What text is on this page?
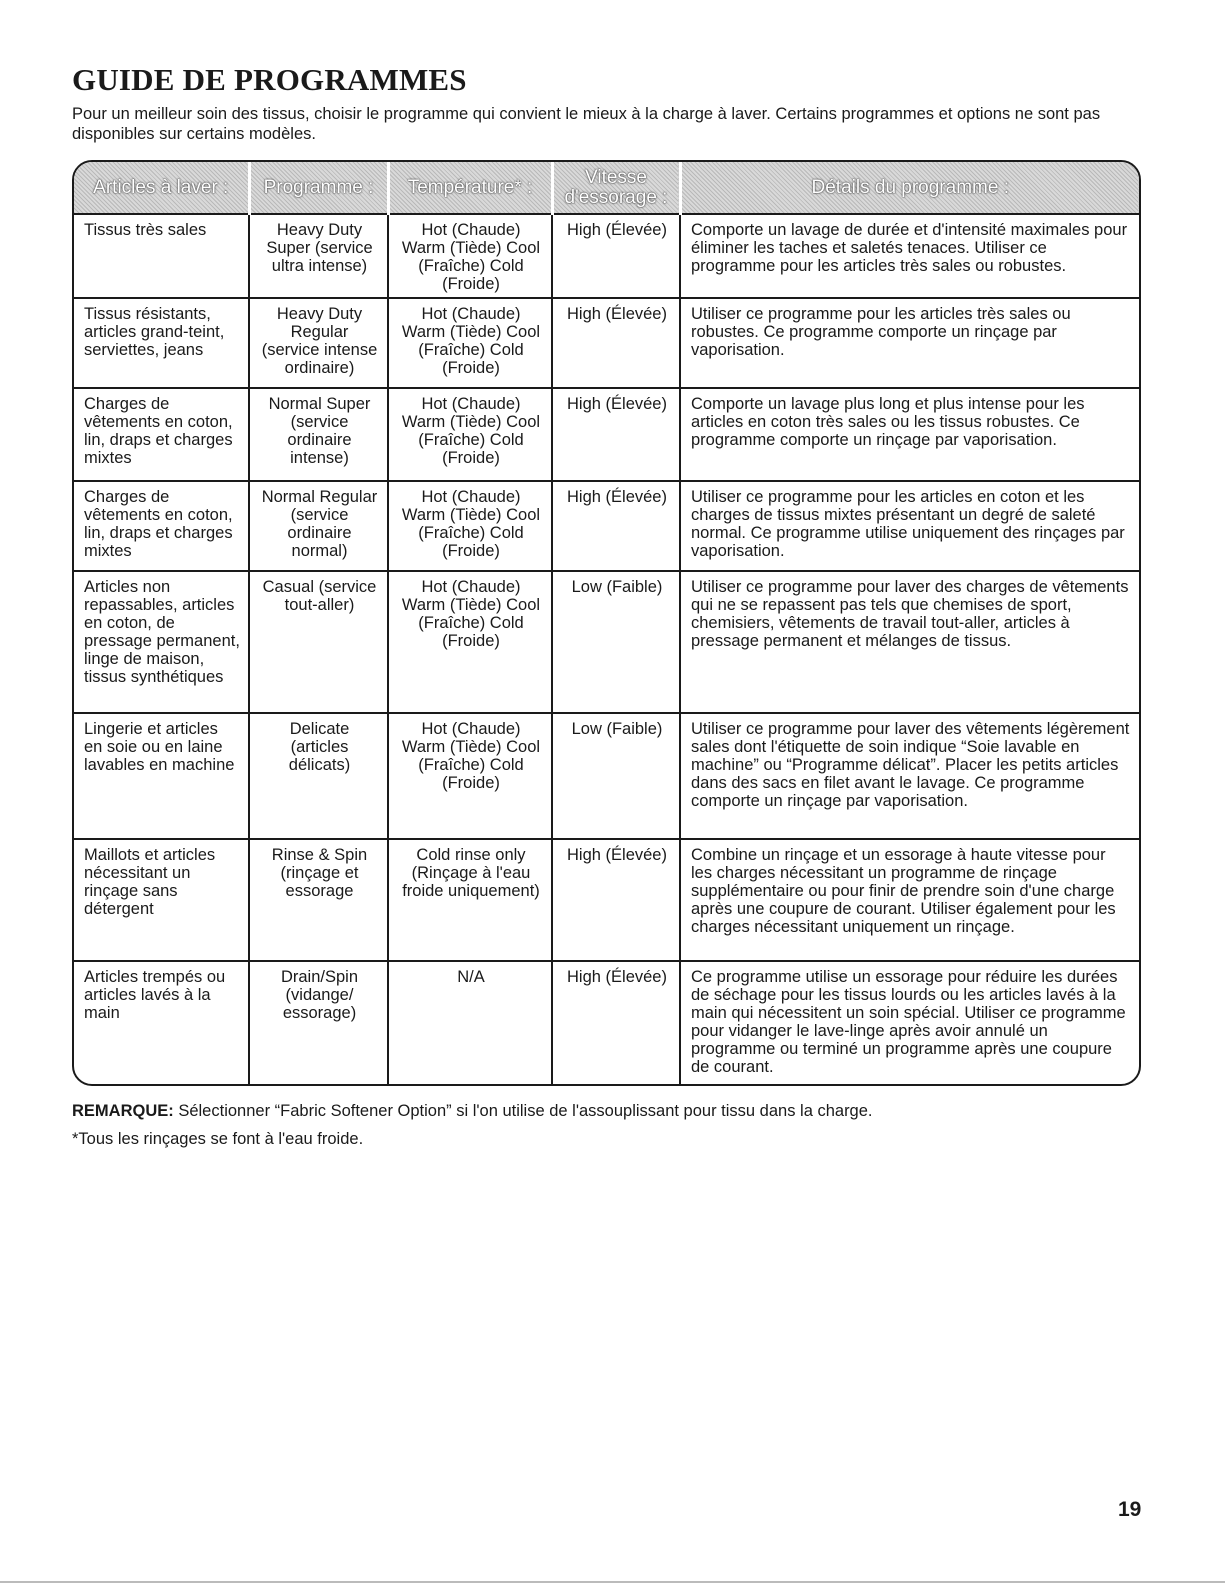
GUIDE DE PROGRAMMES

Pour un meilleur soin des tissus, choisir le programme qui convient le mieux à la charge à laver. Certains programmes et options ne sont pas disponibles sur certains modèles.

Articles à laver :	Programme :	Température* :	Vitesse d'essorage :	Détails du programme :
Tissus très sales	Heavy Duty Super (service ultra intense)	Hot (Chaude) Warm (Tiède) Cool (Fraîche) Cold (Froide)	High (Élevée)	Comporte un lavage de durée et d'intensité maximales pour éliminer les taches et saletés tenaces. Utiliser ce programme pour les articles très sales ou robustes.
Tissus résistants, articles grand-teint, serviettes, jeans	Heavy Duty Regular (service intense ordinaire)	Hot (Chaude) Warm (Tiède) Cool (Fraîche) Cold (Froide)	High (Élevée)	Utiliser ce programme pour les articles très sales ou robustes. Ce programme comporte un rinçage par vaporisation.
Charges de vêtements en coton, lin, draps et charges mixtes	Normal Super (service ordinaire intense)	Hot (Chaude) Warm (Tiède) Cool (Fraîche) Cold (Froide)	High (Élevée)	Comporte un lavage plus long et plus intense pour les articles en coton très sales ou les tissus robustes. Ce programme comporte un rinçage par vaporisation.
Charges de vêtements en coton, lin, draps et charges mixtes	Normal Regular (service ordinaire normal)	Hot (Chaude) Warm (Tiède) Cool (Fraîche) Cold (Froide)	High (Élevée)	Utiliser ce programme pour les articles en coton et les charges de tissus mixtes présentant un degré de saleté normal. Ce programme utilise uniquement des rinçages par vaporisation.
Articles non repassables, articles en coton, de pressage permanent, linge de maison, tissus synthétiques	Casual (service tout-aller)	Hot (Chaude) Warm (Tiède) Cool (Fraîche) Cold (Froide)	Low (Faible)	Utiliser ce programme pour laver des charges de vêtements qui ne se repassent pas tels que chemises de sport, chemisiers, vêtements de travail tout-aller, articles à pressage permanent et mélanges de tissus.
Lingerie et articles en soie ou en laine lavables en machine	Delicate (articles délicats)	Hot (Chaude) Warm (Tiède) Cool (Fraîche) Cold (Froide)	Low (Faible)	Utiliser ce programme pour laver des vêtements légèrement sales dont l'étiquette de soin indique “Soie lavable en machine” ou “Programme délicat”. Placer les petits articles dans des sacs en filet avant le lavage. Ce programme comporte un rinçage par vaporisation.
Maillots et articles nécessitant un rinçage sans détergent	Rinse & Spin (rinçage et essorage	Cold rinse only (Rinçage à l'eau froide uniquement)	High (Élevée)	Combine un rinçage et un essorage à haute vitesse pour les charges nécessitant un programme de rinçage supplémentaire ou pour finir de prendre soin d'une charge après une coupure de courant. Utiliser également pour les charges nécessitant uniquement un rinçage.
Articles trempés ou articles lavés à la main	Drain/Spin (vidange/ essorage)	N/A	High (Élevée)	Ce programme utilise un essorage pour réduire les durées de séchage pour les tissus lourds ou les articles lavés à la main qui nécessitent un soin spécial. Utiliser ce programme pour vidanger le lave-linge après avoir annulé un programme ou terminé un programme après une coupure de courant.

REMARQUE: Sélectionner “Fabric Softener Option” si l'on utilise de l'assouplissant pour tissu dans la charge.

*Tous les rinçages se font à l'eau froide.

19
